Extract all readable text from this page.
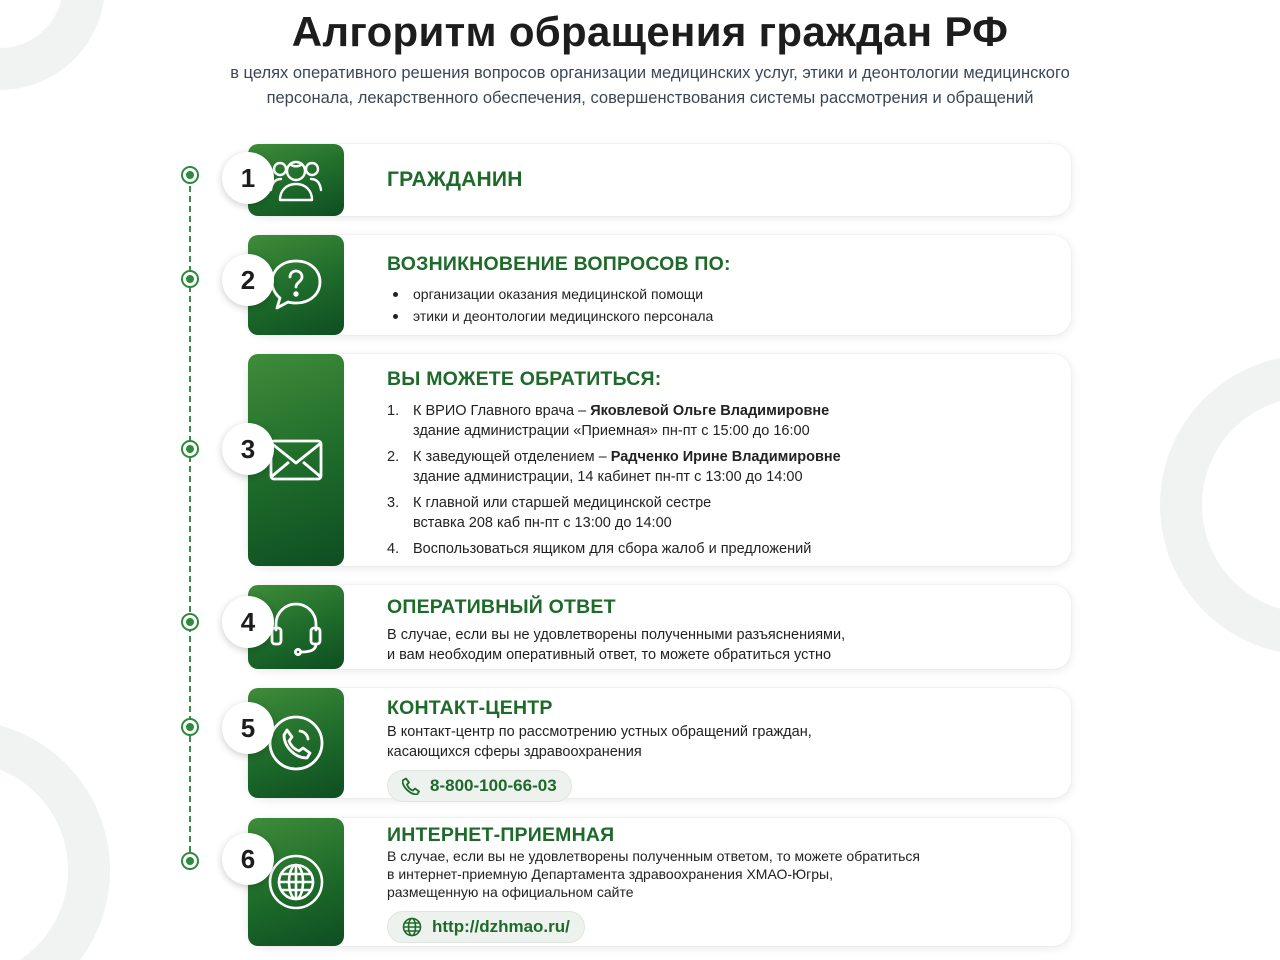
Алгоритм обращения граждан РФ

в целях оперативного решения вопросов организации медицинских услуг, этики и деонтологии медицинского персонала, лекарственного обеспечения, совершенствования системы рассмотрения и обращений

1	ГРАЖДАНИН
2
ВОЗНИКНОВЕНИЕ ВОПРОСОВ ПО:
организации оказания медицинской помощи
этики и деонтологии медицинского персонала
3
ВЫ МОЖЕТЕ ОБРАТИТЬСЯ:
1. К ВРИО Главного врача – Яковлевой Ольге Владимировне
здание администрации «Приемная» пн-пт с 15:00 до 16:00
2. К заведующей отделением – Радченко Ирине Владимировне
здание администрации, 14 кабинет пн-пт с 13:00 до 14:00
3. К главной или старшей медицинской сестре
вставка 208 каб пн-пт с 13:00 до 14:00
4. Воспользоваться ящиком для сбора жалоб и предложений
4	ОПЕРАТИВНЫЙ ОТВЕТ
В случае, если вы не удовлетворены полученными разъяснениями,
и вам необходим оперативный ответ, то можете обратиться устно
5
КОНТАКТ-ЦЕНТР
В контакт-центр по рассмотрению устных обращений граждан,
касающихся сферы здравоохранения
8-800-100-66-03
6
ИНТЕРНЕТ-ПРИЕМНАЯ
В случае, если вы не удовлетворены полученным ответом, то можете обратиться
в интернет-приемную Департамента здравоохранения ХМАО-Югры,
размещенную на официальном сайте
http://dzhmao.ru/
